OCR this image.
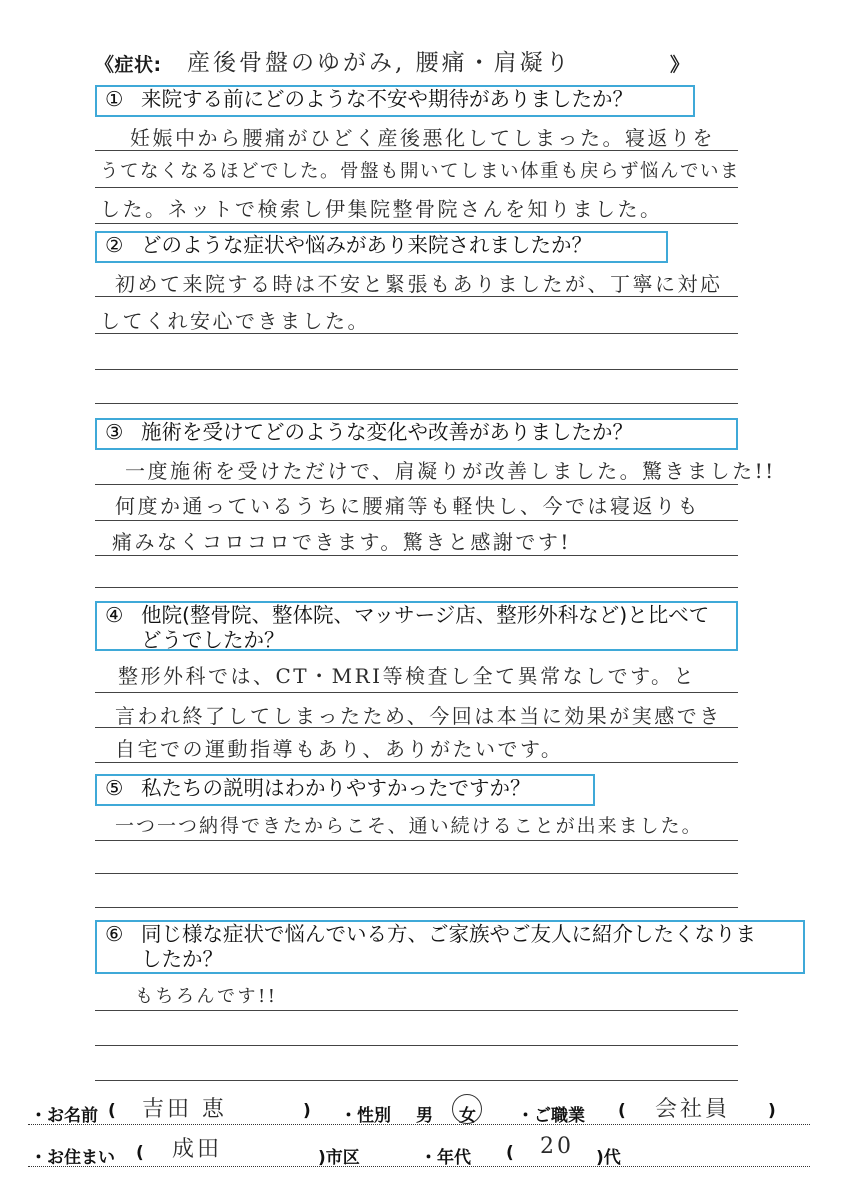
《症状: 産後骨盤のゆがみ, 腰痛・肩凝り	》
① 来院する前にどのような不安や期待がありましたか？
妊娠中から腰痛がひどく産後悪化してしまった。寝返りを
うてなくなるほどでした。骨盤も開いてしまい体重も戻らず悩んでいま
した。ネットで検索し伊集院整骨院さんを知りました。
② どのような症状や悩みがあり来院されましたか？
初めて来院する時は不安と緊張もありましたが、丁寧に対応
してくれ安心できました。
③ 施術を受けてどのような変化や改善がありましたか？
一度施術を受けただけで、肩凝りが改善しました。驚きました!!
何度か通っているうちに腰痛等も軽快し、今では寝返りも
痛みなくコロコロできます。驚きと感謝です!
④ 他院(整骨院、整体院、マッサージ店、整形外科など)と比べてどうでしたか？
整形外科では、CT・MRI等検査し全て異常なしです。と
言われ終了してしまったため、今回は本当に効果が実感でき
自宅での運動指導もあり、ありがたいです。
⑤ 私たちの説明はわかりやすかったですか？
一つ一つ納得できたからこそ、通い続けることが出来ました。
⑥ 同じ様な症状で悩んでいる方、ご家族やご友人に紹介したくなりましたか？
もちろんです!!
・お名前 ( 吉田 恵	) ・性別 男 女 ・ご職業 ( 会社員 )
・お住まい ( 成田	)市区	・年代 ( 20 )代
